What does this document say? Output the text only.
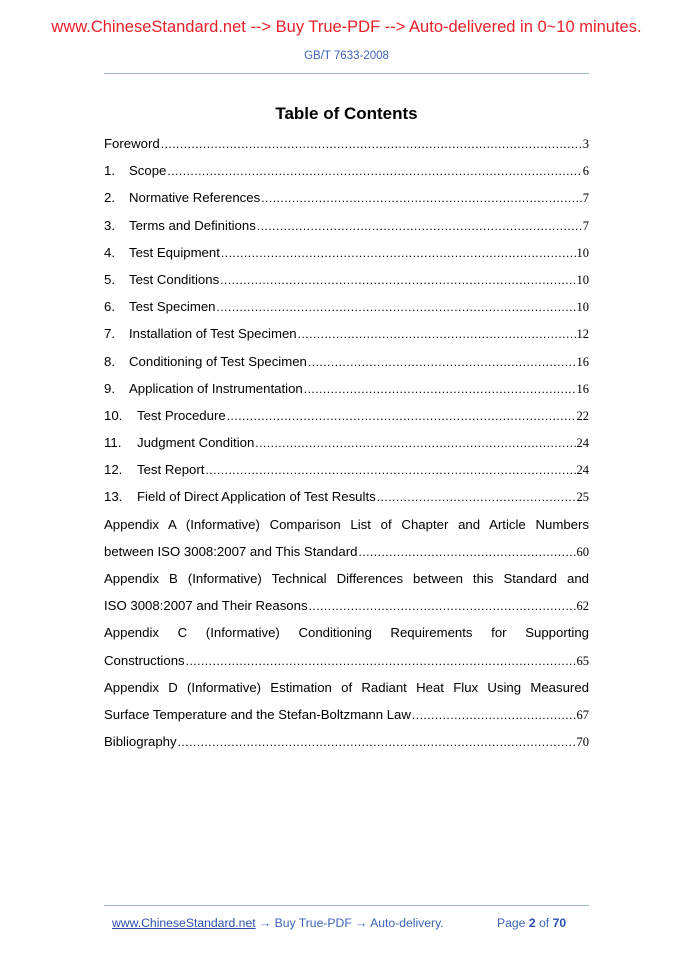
www.ChineseStandard.net --> Buy True-PDF --> Auto-delivered in 0~10 minutes.
GB/T 7633-2008
Table of Contents
Foreword .....	3
1.	Scope .....	6
2.	Normative References .....	7
3.	Terms and Definitions .....	7
4.	Test Equipment .....	10
5.	Test Conditions .....	10
6.	Test Specimen .....	10
7.	Installation of Test Specimen .....	12
8.	Conditioning of Test Specimen .....	16
9.	Application of Instrumentation .....	16
10.	Test Procedure .....	22
11.	Judgment Condition .....	24
12.	Test Report .....	24
13.	Field of Direct Application of Test Results .....	25
Appendix A (Informative) Comparison List of Chapter and Article Numbers
between ISO 3008:2007 and This Standard .....	60
Appendix B (Informative) Technical Differences between this Standard and
ISO 3008:2007 and Their Reasons .....	62
Appendix C (Informative) Conditioning Requirements for Supporting
Constructions .....	65
Appendix D (Informative) Estimation of Radiant Heat Flux Using Measured
Surface Temperature and the Stefan-Boltzmann Law .....	67
Bibliography .....	70
www.ChineseStandard.net → Buy True-PDF → Auto-delivery.	Page 2 of 70
